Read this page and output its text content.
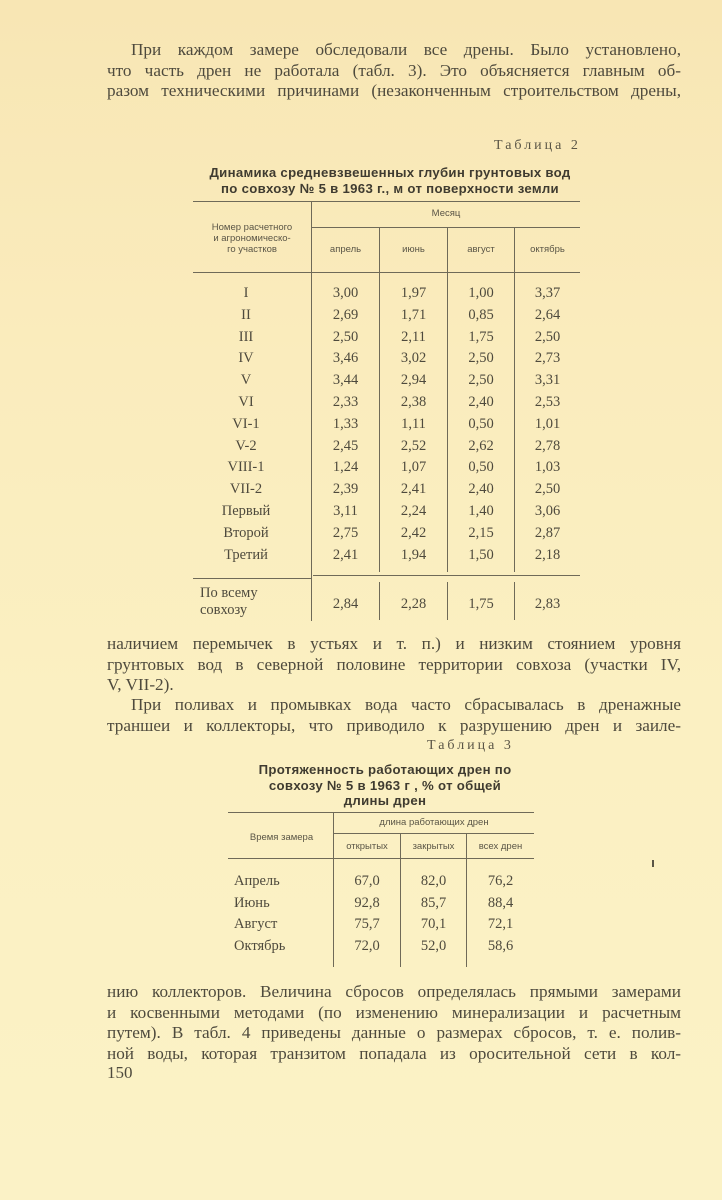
При каждом замере обследовали все дрены. Было установлено,
что часть дрен не работала (табл. 3). Это объясняется главным об-
разом техническими причинами (незаконченным строительством дрены,
Таблица 2
Динамика средневзвешенных глубин грунтовых вод
по совхозу № 5 в 1963 г., м от поверхности земли
Номер расчетного
и агрономическо-
го участков
Месяц
апрель	июнь	август	октябрь
I	3,00	1,97	1,00	3,37
II	2,69	1,71	0,85	2,64
III	2,50	2,11	1,75	2,50
IV	3,46	3,02	2,50	2,73
V	3,44	2,94	2,50	3,31
VI	2,33	2,38	2,40	2,53
VI-1	1,33	1,11	0,50	1,01
V-2	2,45	2,52	2,62	2,78
VIII-1	1,24	1,07	0,50	1,03
VII-2	2,39	2,41	2,40	2,50
Первый	3,11	2,24	1,40	3,06
Второй	2,75	2,42	2,15	2,87
Третий	2,41	1,94	1,50	2,18
По всему
совхозу	2,84	2,28	1,75	2,83
наличием перемычек в устьях и т. п.) и низким стоянием уровня
грунтовых вод в северной половине территории совхоза (участки IV,
V, VII-2).
При поливах и промывках вода часто сбрасывалась в дренажные
траншеи и коллекторы, что приводило к разрушению дрен и заиле-
Таблица 3
Протяженность работающих дрен по
совхозу № 5 в 1963 г , % от общей
длины дрен
Время замера
длина работающих дрен
открытых	закрытых	всех дрен
Апрель	67,0	82,0	76,2
Июнь	92,8	85,7	88,4
Август	75,7	70,1	72,1
Октябрь	72,0	52,0	58,6
нию коллекторов. Величина сбросов определялась прямыми замерами
и косвенными методами (по изменению минерализации и расчетным
путем). В табл. 4 приведены данные о размерах сбросов, т. е. полив-
ной воды, которая транзитом попадала из оросительной сети в кол-
150
